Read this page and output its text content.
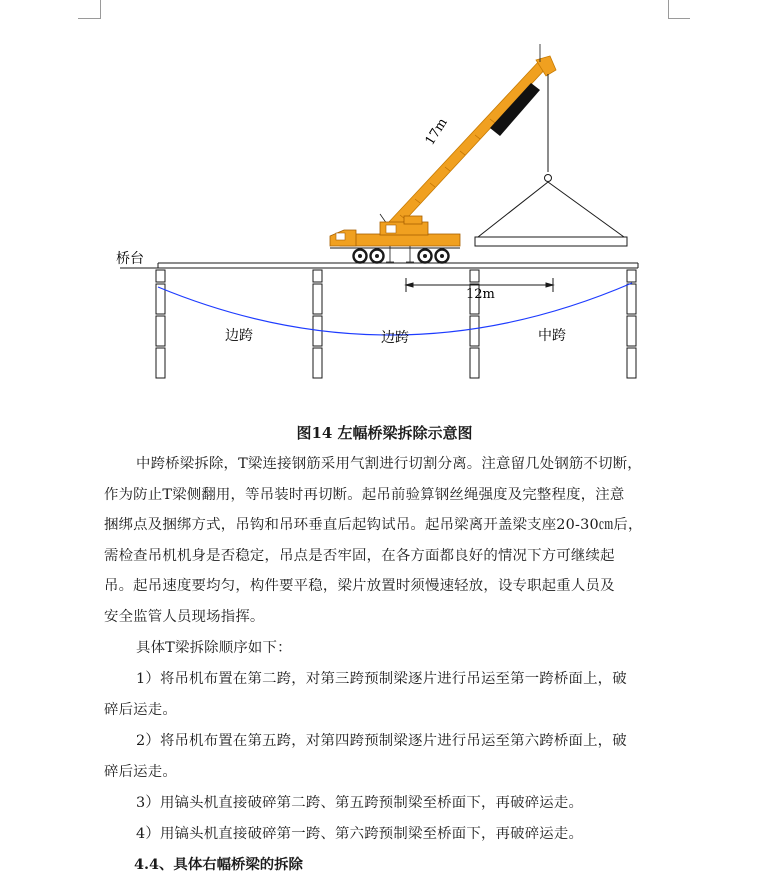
12m
桥台
边跨	边跨	中跨
17m
图14 左幅桥梁拆除示意图
中跨桥梁拆除，T梁连接钢筋采用气割进行切割分离。注意留几处钢筋不切断，
作为防止T梁侧翻用，等吊装时再切断。起吊前验算钢丝绳强度及完整程度，注意
捆绑点及捆绑方式，吊钩和吊环垂直后起钩试吊。起吊梁离开盖梁支座20-30㎝后，
需检查吊机机身是否稳定，吊点是否牢固，在各方面都良好的情况下方可继续起
吊。起吊速度要均匀，构件要平稳，梁片放置时须慢速轻放，设专职起重人员及
安全监管人员现场指挥。
具体T梁拆除顺序如下：
1）将吊机布置在第二跨，对第三跨预制梁逐片进行吊运至第一跨桥面上，破
碎后运走。
2）将吊机布置在第五跨，对第四跨预制梁逐片进行吊运至第六跨桥面上，破
碎后运走。
3）用镐头机直接破碎第二跨、第五跨预制梁至桥面下，再破碎运走。
4）用镐头机直接破碎第一跨、第六跨预制梁至桥面下，再破碎运走。
4.4、具体右幅桥梁的拆除
